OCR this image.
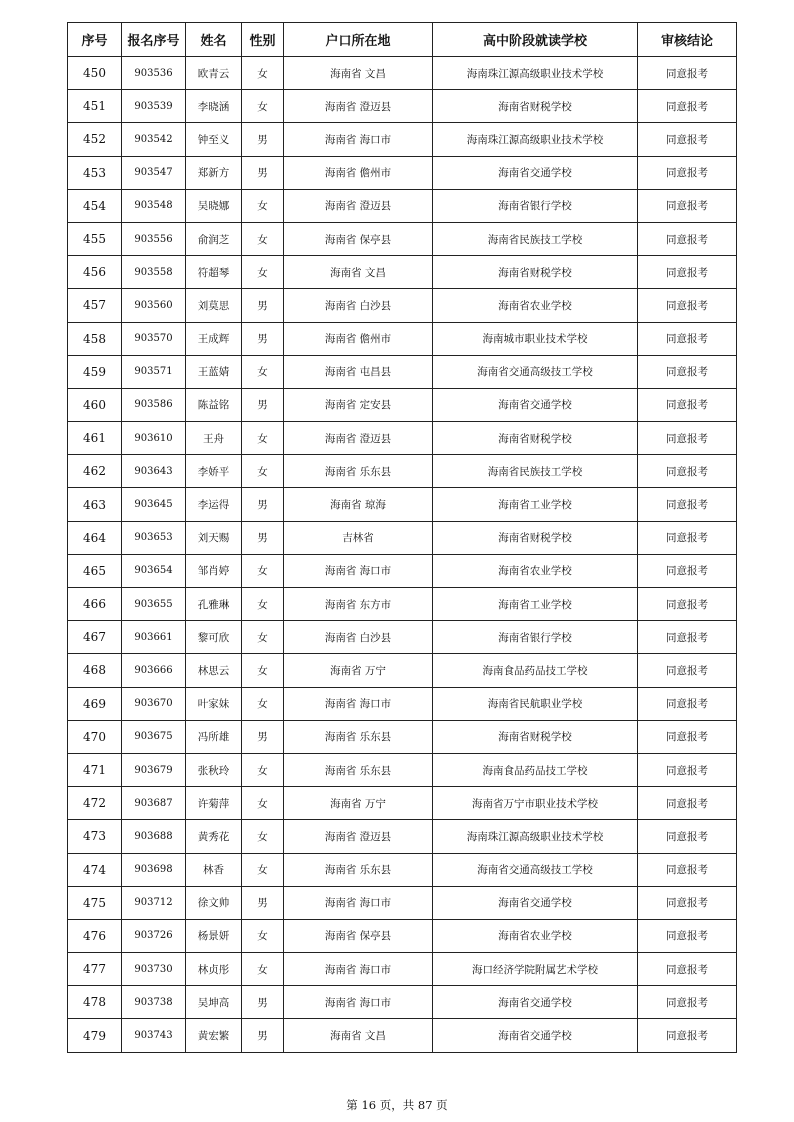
序号	报名序号	姓名	性别	户口所在地	高中阶段就读学校	审核结论
450	903536	欧青云	女	海南省 文昌	海南珠江源高级职业技术学校	同意报考
451	903539	李晓涵	女	海南省 澄迈县	海南省财税学校	同意报考
452	903542	钟至义	男	海南省 海口市	海南珠江源高级职业技术学校	同意报考
453	903547	郑新方	男	海南省 儋州市	海南省交通学校	同意报考
454	903548	吴晓娜	女	海南省 澄迈县	海南省银行学校	同意报考
455	903556	俞润芝	女	海南省 保亭县	海南省民族技工学校	同意报考
456	903558	符超琴	女	海南省 文昌	海南省财税学校	同意报考
457	903560	刘莫思	男	海南省 白沙县	海南省农业学校	同意报考
458	903570	王成辉	男	海南省 儋州市	海南城市职业技术学校	同意报考
459	903571	王蓝婧	女	海南省 屯昌县	海南省交通高级技工学校	同意报考
460	903586	陈益铭	男	海南省 定安县	海南省交通学校	同意报考
461	903610	王舟	女	海南省 澄迈县	海南省财税学校	同意报考
462	903643	李娇平	女	海南省 乐东县	海南省民族技工学校	同意报考
463	903645	李运得	男	海南省 琼海	海南省工业学校	同意报考
464	903653	刘天赐	男	吉林省	海南省财税学校	同意报考
465	903654	邹肖婷	女	海南省 海口市	海南省农业学校	同意报考
466	903655	孔雅琳	女	海南省 东方市	海南省工业学校	同意报考
467	903661	黎可欣	女	海南省 白沙县	海南省银行学校	同意报考
468	903666	林思云	女	海南省 万宁	海南食品药品技工学校	同意报考
469	903670	叶家妹	女	海南省 海口市	海南省民航职业学校	同意报考
470	903675	冯所雄	男	海南省 乐东县	海南省财税学校	同意报考
471	903679	张秋玲	女	海南省 乐东县	海南食品药品技工学校	同意报考
472	903687	许菊萍	女	海南省 万宁	海南省万宁市职业技术学校	同意报考
473	903688	黄秀花	女	海南省 澄迈县	海南珠江源高级职业技术学校	同意报考
474	903698	林香	女	海南省 乐东县	海南省交通高级技工学校	同意报考
475	903712	徐文帅	男	海南省 海口市	海南省交通学校	同意报考
476	903726	杨景妍	女	海南省 保亭县	海南省农业学校	同意报考
477	903730	林贞彤	女	海南省 海口市	海口经济学院附属艺术学校	同意报考
478	903738	吴坤高	男	海南省 海口市	海南省交通学校	同意报考
479	903743	黄宏繁	男	海南省 文昌	海南省交通学校	同意报考
第 16 页，共 87 页
